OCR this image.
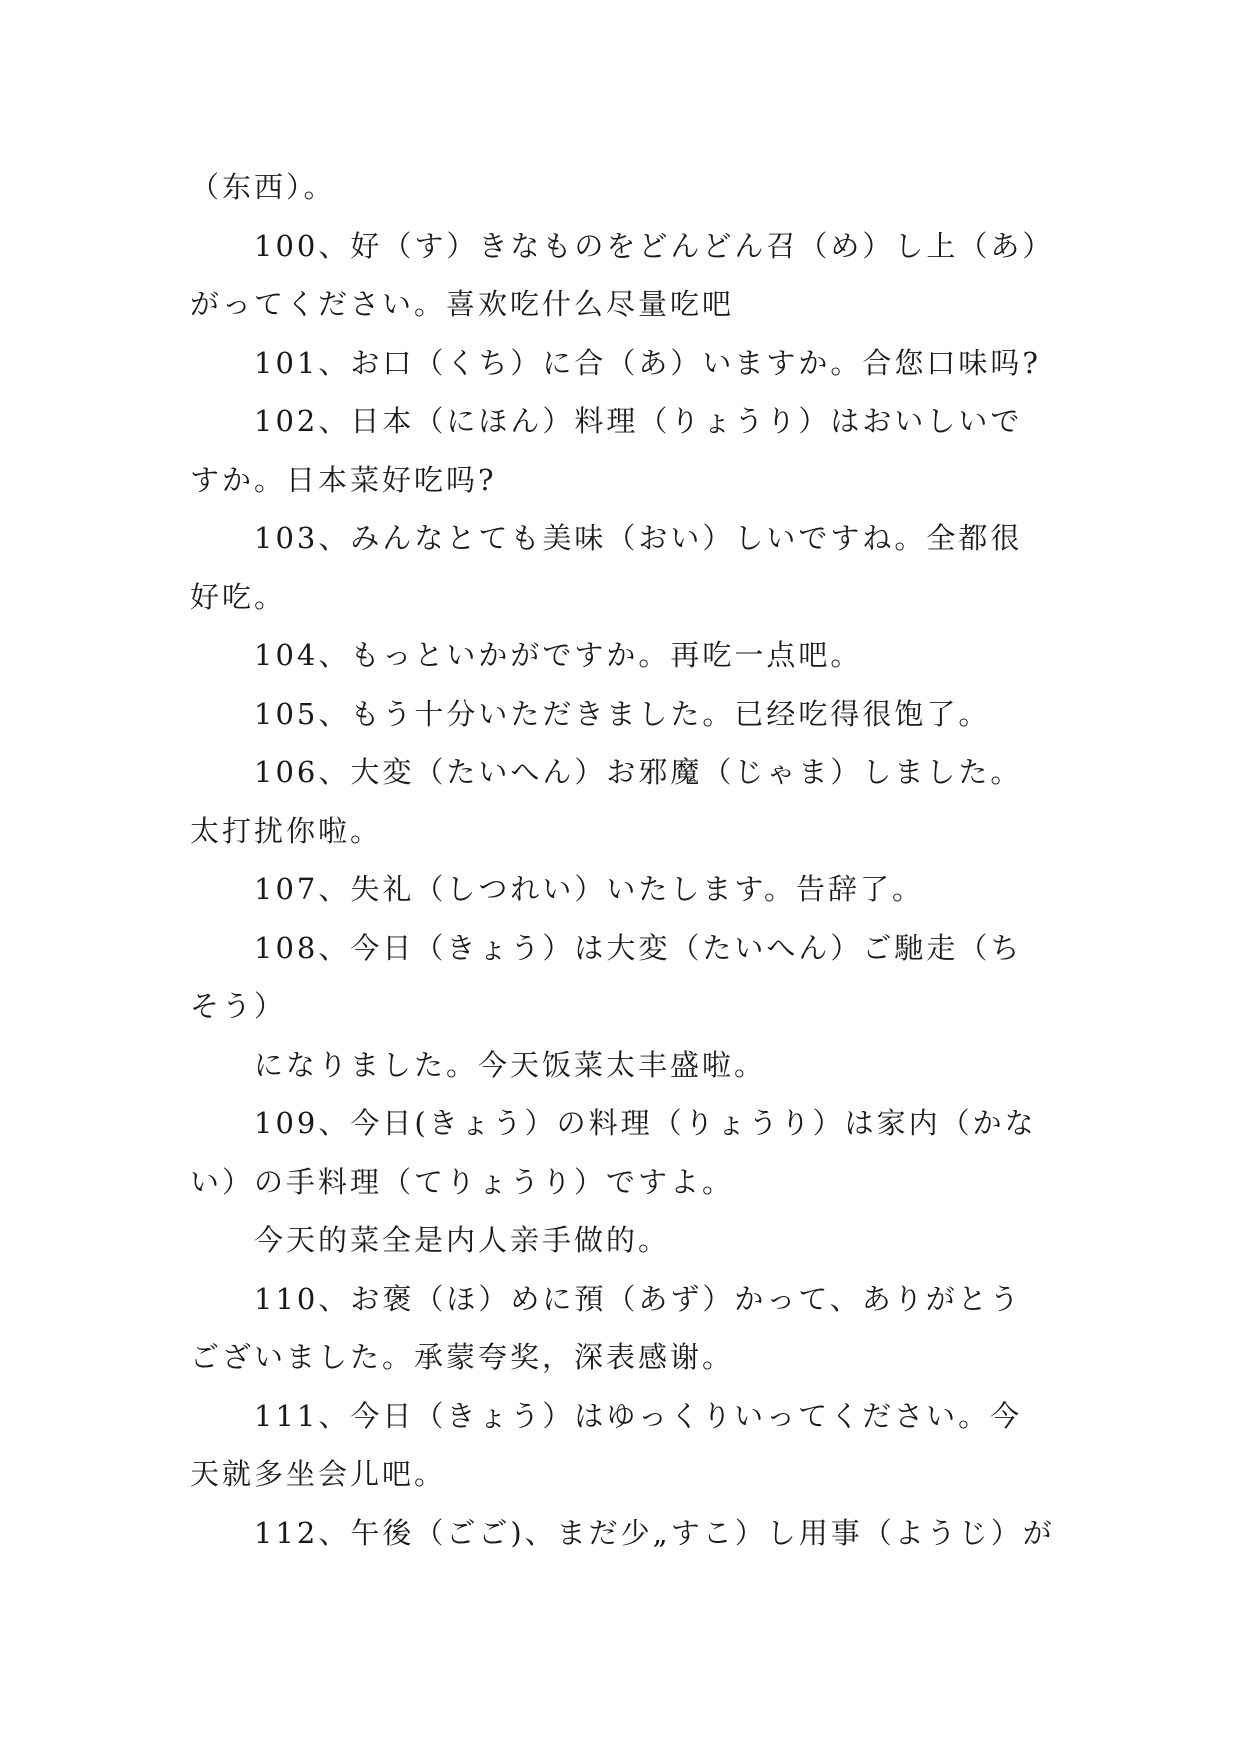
（东西）。

100、好（す）きなものをどんどん召（め）し上（あ）

がってください。喜欢吃什么尽量吃吧

101、お口（くち）に合（あ）いますか。合您口味吗?

102、日本（にほん）料理（りょうり）はおいしいで

すか。日本菜好吃吗?

103、みんなとても美味（おい）しいですね。全都很

好吃。

104、もっといかがですか。再吃一点吧。

105、もう十分いただきました。已经吃得很饱了。

106、大変（たいへん）お邪魔（じゃま）しました。

太打扰你啦。

107、失礼（しつれい）いたします。告辞了。

108、今日（きょう）は大変（たいへん）ご馳走（ち

そう）

になりました。今天饭菜太丰盛啦。

109、今日(きょう）の料理（りょうり）は家内（かな

い）の手料理（てりょうり）ですよ。

今天的菜全是内人亲手做的。

110、お褒（ほ）めに預（あず）かって、ありがとう

ございました。承蒙夸奖，深表感谢。

111、今日（きょう）はゆっくりいってください。今

天就多坐会儿吧。

112、午後（ごご)、まだ少„すこ）し用事（ようじ）が
